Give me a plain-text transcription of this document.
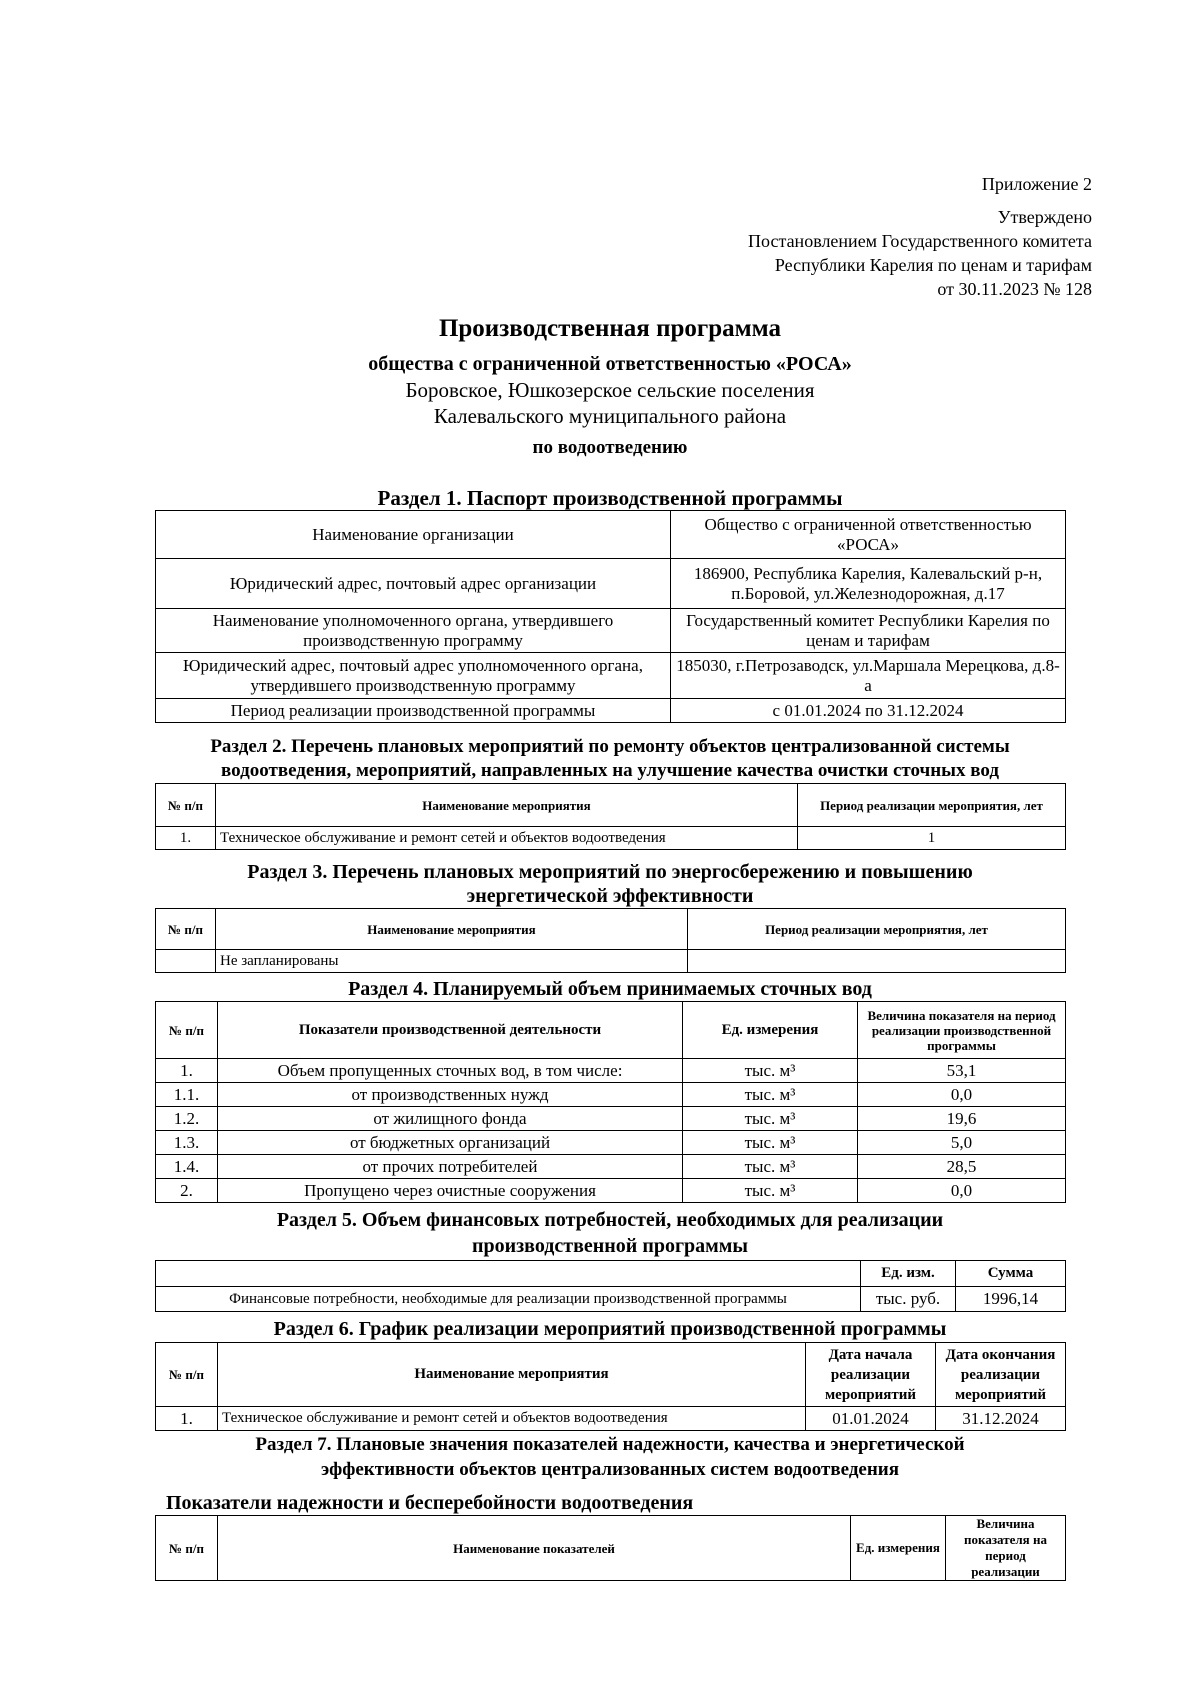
Приложение 2
Утверждено
Постановлением Государственного комитета
Республики Карелия по ценам и тарифам
от 30.11.2023 № 128
Производственная программа
общества с ограниченной ответственностью «РОСА»
Боровское, Юшкозерское сельские поселения
Калевальского муниципального района
по водоотведению
Раздел 1. Паспорт производственной программы
Наименование организации	Общество с ограниченной ответственностью «РОСА»
Юридический адрес, почтовый адрес организации	186900, Республика Карелия, Калевальский р-н, п.Боровой, ул.Железнодорожная, д.17
Наименование уполномоченного органа, утвердившего производственную программу	Государственный комитет Республики Карелия по ценам и тарифам
Юридический адрес, почтовый адрес уполномоченного органа, утвердившего производственную программу	185030, г.Петрозаводск, ул.Маршала Мерецкова, д.8-а
Период реализации производственной программы	с 01.01.2024 по 31.12.2024
Раздел 2. Перечень плановых мероприятий по ремонту объектов централизованной системы
водоотведения, мероприятий, направленных на улучшение качества очистки сточных вод
№ п/п	Наименование мероприятия	Период реализации мероприятия, лет
1.	Техническое обслуживание и ремонт сетей и объектов водоотведения	1
Раздел 3. Перечень плановых мероприятий по энергосбережению и повышению
энергетической эффективности
№ п/п	Наименование мероприятия	Период реализации мероприятия, лет
	Не запланированы	
Раздел 4. Планируемый объем принимаемых сточных вод
№ п/п	Показатели производственной деятельности	Ед. измерения	Величина показателя на период реализации производственной программы
1.	Объем пропущенных сточных вод, в том числе:	тыс. м³	53,1
1.1.	от производственных нужд	тыс. м³	0,0
1.2.	от жилищного фонда	тыс. м³	19,6
1.3.	от бюджетных организаций	тыс. м³	5,0
1.4.	от прочих потребителей	тыс. м³	28,5
2.	Пропущено через очистные сооружения	тыс. м³	0,0
Раздел 5. Объем финансовых потребностей, необходимых для реализации
производственной программы
	Ед. изм.	Сумма
Финансовые потребности, необходимые для реализации производственной программы	тыс. руб.	1996,14
Раздел 6. График реализации мероприятий производственной программы
№ п/п	Наименование мероприятия	Дата начала реализации мероприятий	Дата окончания реализации мероприятий
1.	Техническое обслуживание и ремонт сетей и объектов водоотведения	01.01.2024	31.12.2024
Раздел 7. Плановые значения показателей надежности, качества и энергетической
эффективности объектов централизованных систем водоотведения
Показатели надежности и бесперебойности водоотведения
№ п/п	Наименование показателей	Ед. измерения	Величина показателя на период реализации
